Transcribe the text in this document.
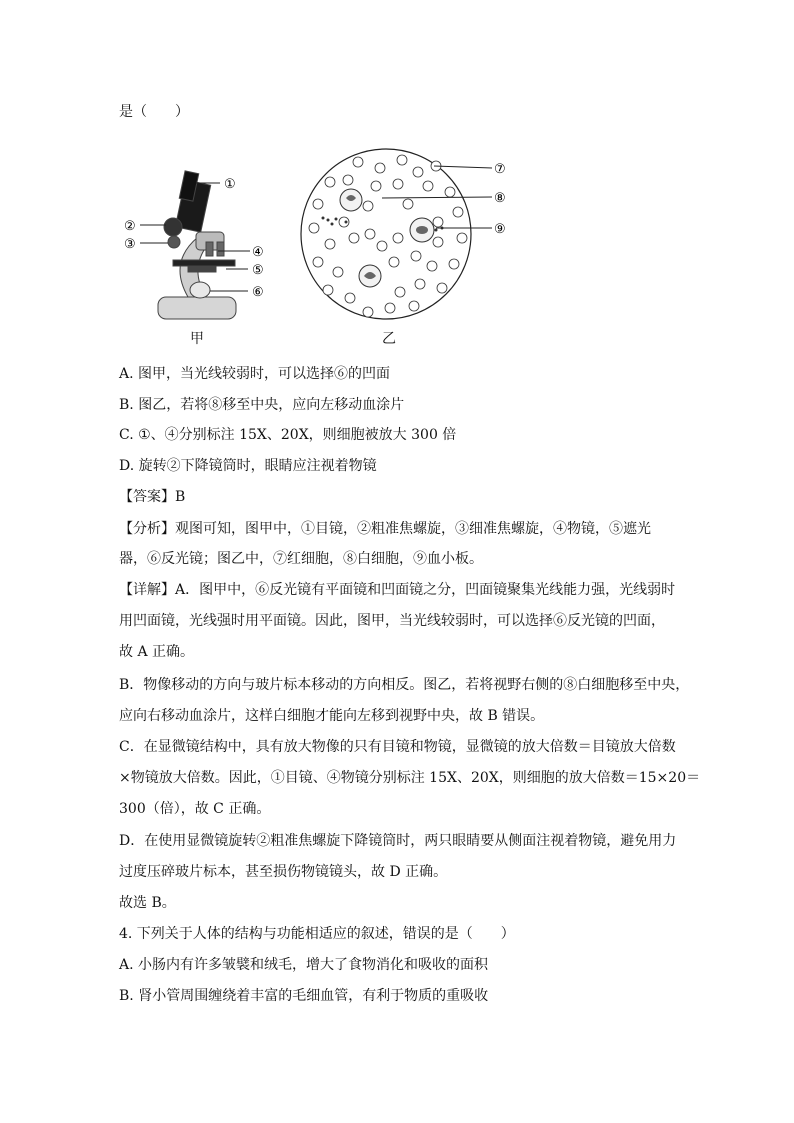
是（　　）
①
②
③
④
⑤
⑥
⑦
⑧
⑨
甲	乙
A. 图甲，当光线较弱时，可以选择⑥的凹面
B. 图乙，若将⑧移至中央，应向左移动血涂片
C. ①、④分别标注 15X、20X，则细胞被放大 300 倍
D. 旋转②下降镜筒时，眼睛应注视着物镜
【答案】B
【分析】观图可知，图甲中，①目镜，②粗准焦螺旋，③细准焦螺旋，④物镜，⑤遮光
器，⑥反光镜；图乙中，⑦红细胞，⑧白细胞，⑨血小板。
【详解】A．图甲中，⑥反光镜有平面镜和凹面镜之分，凹面镜聚集光线能力强，光线弱时
用凹面镜，光线强时用平面镜。因此，图甲，当光线较弱时，可以选择⑥反光镜的凹面，
故 A 正确。
B．物像移动的方向与玻片标本移动的方向相反。图乙，若将视野右侧的⑧白细胞移至中央，
应向右移动血涂片，这样白细胞才能向左移到视野中央，故 B 错误。
C．在显微镜结构中，具有放大物像的只有目镜和物镜，显微镜的放大倍数＝目镜放大倍数
×物镜放大倍数。因此，①目镜、④物镜分别标注 15X、20X，则细胞的放大倍数＝15×20＝
300（倍），故 C 正确。
D．在使用显微镜旋转②粗准焦螺旋下降镜筒时，两只眼睛要从侧面注视着物镜，避免用力
过度压碎玻片标本，甚至损伤物镜镜头，故 D 正确。
故选 B。
4. 下列关于人体的结构与功能相适应的叙述，错误的是（　　）
A. 小肠内有许多皱襞和绒毛，增大了食物消化和吸收的面积
B. 肾小管周围缠绕着丰富的毛细血管，有利于物质的重吸收
